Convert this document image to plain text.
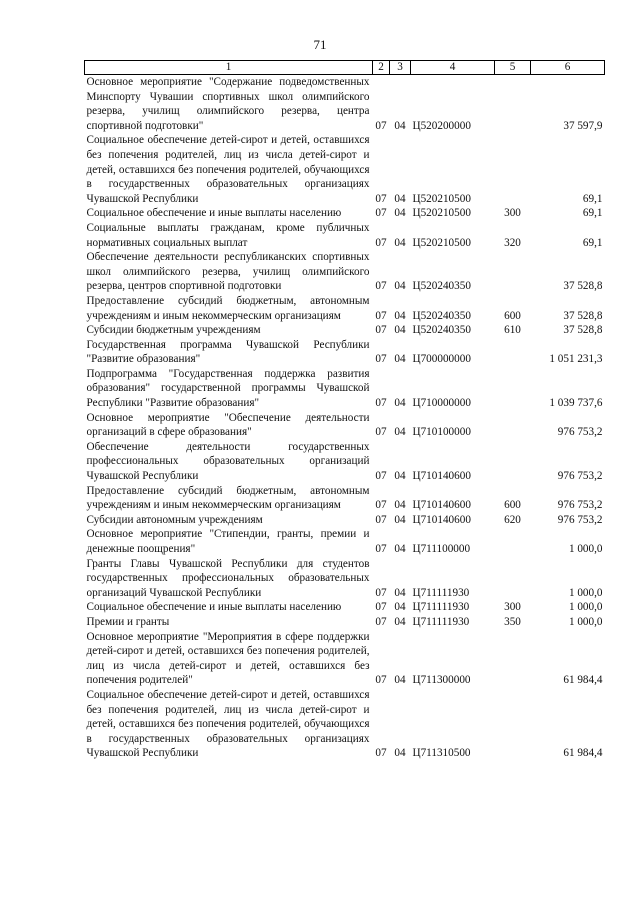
71
1	2	3	4	5	6
Основное мероприятие "Содержание подведомственных Минспорту Чувашии спортивных школ олимпийского резерва, училищ олимпийского резерва, центра спортивной подготовки"	07	04	Ц520200000		37 597,9
Социальное обеспечение детей-сирот и детей, оставшихся без попечения родителей, лиц из числа детей-сирот и детей, оставшихся без попечения родителей, обучающихся в государственных образовательных организациях Чувашской Республики	07	04	Ц520210500		69,1
Социальное обеспечение и иные выплаты населению	07	04	Ц520210500	300	69,1
Социальные выплаты гражданам, кроме публичных нормативных социальных выплат	07	04	Ц520210500	320	69,1
Обеспечение деятельности республиканских спортивных школ олимпийского резерва, училищ олимпийского резерва, центров спортивной подготовки	07	04	Ц520240350		37 528,8
Предоставление субсидий бюджетным, автономным учреждениям и иным некоммерческим организациям	07	04	Ц520240350	600	37 528,8
Субсидии бюджетным учреждениям	07	04	Ц520240350	610	37 528,8
Государственная программа Чувашской Республики "Развитие образования"	07	04	Ц700000000		1 051 231,3
Подпрограмма "Государственная поддержка развития образования" государственной программы Чувашской Республики "Развитие образования"	07	04	Ц710000000		1 039 737,6
Основное мероприятие "Обеспечение деятельности организаций в сфере образования"	07	04	Ц710100000		976 753,2
Обеспечение деятельности государственных профессиональных образовательных организаций Чувашской Республики	07	04	Ц710140600		976 753,2
Предоставление субсидий бюджетным, автономным учреждениям и иным некоммерческим организациям	07	04	Ц710140600	600	976 753,2
Субсидии автономным учреждениям	07	04	Ц710140600	620	976 753,2
Основное мероприятие "Стипендии, гранты, премии и денежные поощрения"	07	04	Ц711100000		1 000,0
Гранты Главы Чувашской Республики для студентов государственных профессиональных образовательных организаций Чувашской Республики	07	04	Ц711111930		1 000,0
Социальное обеспечение и иные выплаты населению	07	04	Ц711111930	300	1 000,0
Премии и гранты	07	04	Ц711111930	350	1 000,0
Основное мероприятие "Мероприятия в сфере поддержки детей-сирот и детей, оставшихся без попечения родителей, лиц из числа детей-сирот и детей, оставшихся без попечения родителей"	07	04	Ц711300000		61 984,4
Социальное обеспечение детей-сирот и детей, оставшихся без попечения родителей, лиц из числа детей-сирот и детей, оставшихся без попечения родителей, обучающихся в государственных образовательных организациях Чувашской Республики	07	04	Ц711310500		61 984,4
